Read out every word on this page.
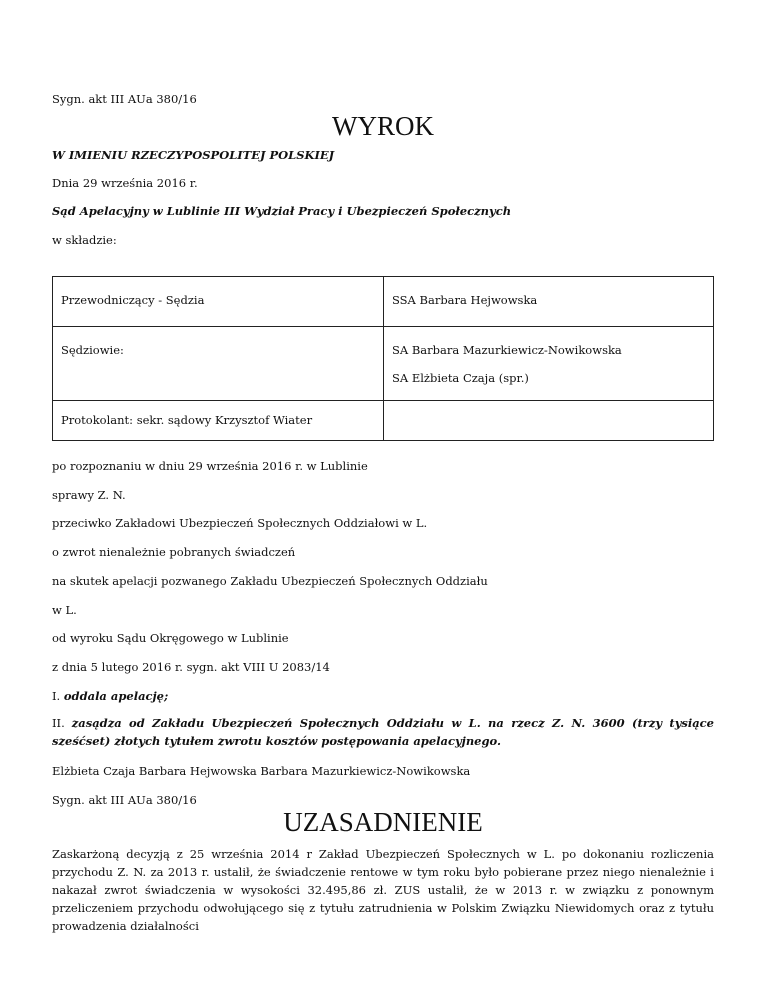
Sygn. akt III AUa 380/16
WYROK
W IMIENIU RZECZYPOSPOLITEJ POLSKIEJ
Dnia 29 września 2016 r.
Sąd Apelacyjny w Lublinie III Wydział Pracy i Ubezpieczeń Społecznych
w składzie:

Przewodniczący - Sędzia	SSA Barbara Hejwowska

Sędziowie:	SA Barbara Mazurkiewicz-Nowikowska

SA Elżbieta Czaja (spr.)

Protokolant: sekr. sądowy Krzysztof Wiater	

po rozpoznaniu w dniu 29 września 2016 r. w Lublinie
sprawy Z. N.
przeciwko Zakładowi Ubezpieczeń Społecznych Oddziałowi w L.
o zwrot nienależnie pobranych świadczeń
na skutek apelacji pozwanego Zakładu Ubezpieczeń Społecznych Oddziału
w L.
od wyroku Sądu Okręgowego w Lublinie
z dnia 5 lutego 2016 r. sygn. akt VIII U 2083/14
I. oddala apelację;
II. zasądza od Zakładu Ubezpieczeń Społecznych Oddziału w L. na rzecz Z. N. 3600 (trzy tysiące sześćset) złotych tytułem zwrotu kosztów postępowania apelacyjnego.
Elżbieta Czaja Barbara Hejwowska Barbara Mazurkiewicz-Nowikowska
Sygn. akt III AUa 380/16
UZASADNIENIE
Zaskarżoną decyzją z 25 września 2014 r Zakład Ubezpieczeń Społecznych w L. po dokonaniu rozliczenia przychodu Z. N. za 2013 r. ustalił, że świadczenie rentowe w tym roku było pobierane przez niego nienależnie i nakazał zwrot świadczenia w wysokości 32.495,86 zł. ZUS ustalił, że w 2013 r. w związku z ponownym przeliczeniem przychodu odwołującego się z tytułu zatrudnienia w Polskim Związku Niewidomych oraz z tytułu prowadzenia działalności
